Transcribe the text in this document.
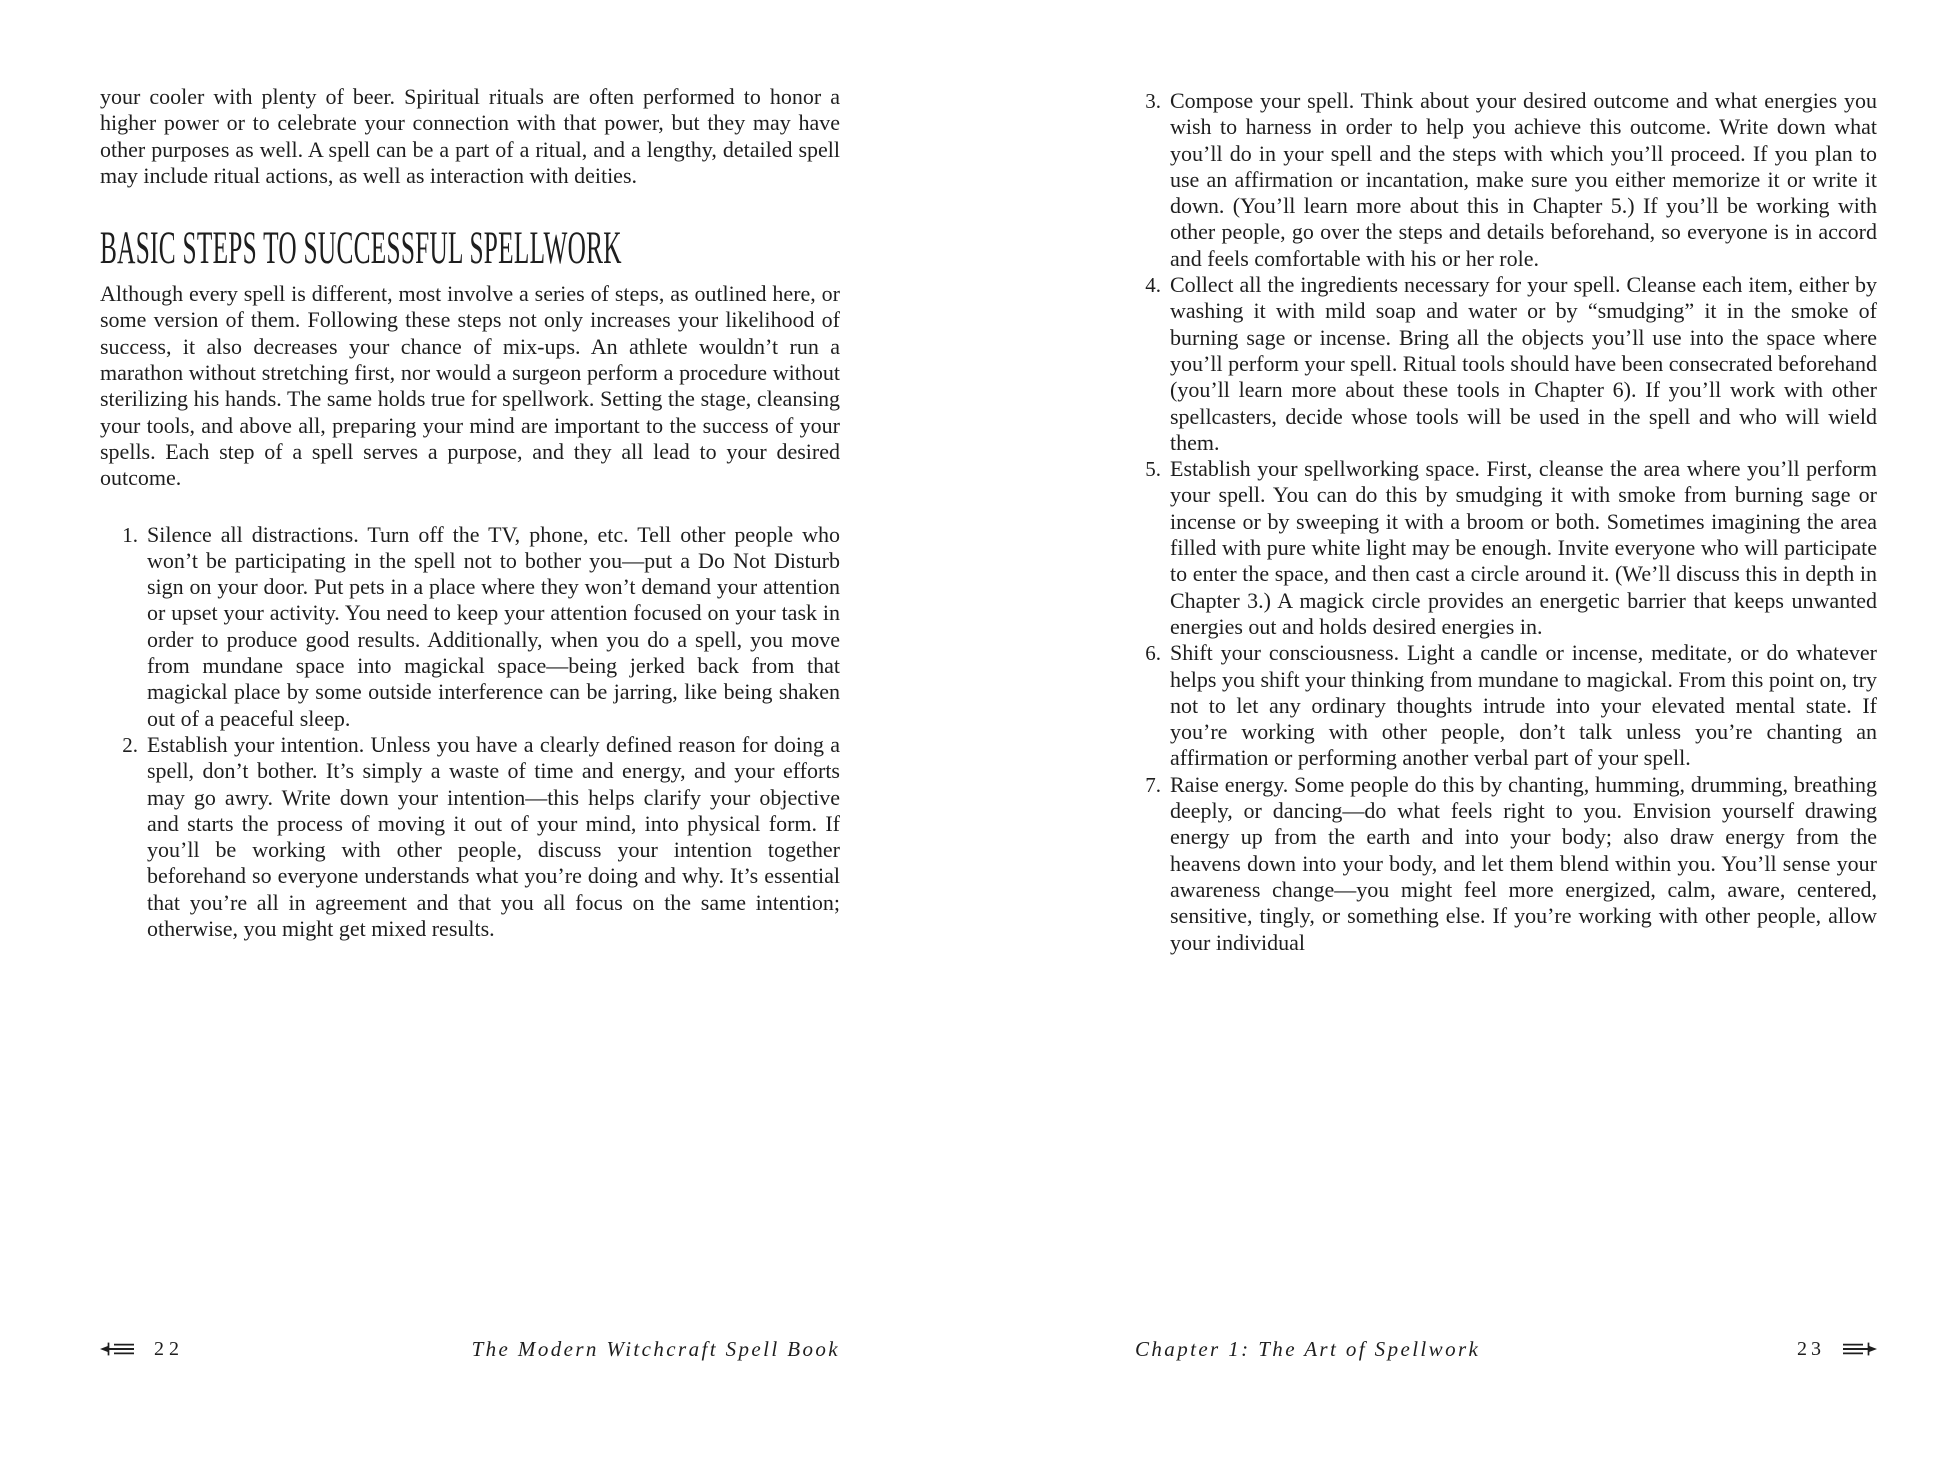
your cooler with plenty of beer. Spiritual rituals are often performed to honor a higher power or to celebrate your connection with that power, but they may have other purposes as well. A spell can be a part of a ritual, and a lengthy, detailed spell may include ritual actions, as well as interaction with deities.

BASIC STEPS TO SUCCESSFUL SPELLWORK

Although every spell is different, most involve a series of steps, as outlined here, or some version of them. Following these steps not only increases your likelihood of success, it also decreases your chance of mix-ups. An athlete wouldn’t run a marathon without stretching first, nor would a surgeon perform a procedure without sterilizing his hands. The same holds true for spellwork. Setting the stage, cleansing your tools, and above all, preparing your mind are important to the success of your spells. Each step of a spell serves a purpose, and they all lead to your desired outcome.

1. Silence all distractions. Turn off the TV, phone, etc. Tell other people who won’t be participating in the spell not to bother you—put a Do Not Disturb sign on your door. Put pets in a place where they won’t demand your attention or upset your activity. You need to keep your attention focused on your task in order to produce good results. Additionally, when you do a spell, you move from mundane space into magickal space—being jerked back from that magickal place by some outside interference can be jarring, like being shaken out of a peaceful sleep.
2. Establish your intention. Unless you have a clearly defined reason for doing a spell, don’t bother. It’s simply a waste of time and energy, and your efforts may go awry. Write down your intention—this helps clarify your objective and starts the process of moving it out of your mind, into physical form. If you’ll be working with other people, discuss your intention together beforehand so everyone understands what you’re doing and why. It’s essential that you’re all in agreement and that you all focus on the same intention; otherwise, you might get mixed results.
3. Compose your spell. Think about your desired outcome and what energies you wish to harness in order to help you achieve this outcome. Write down what you’ll do in your spell and the steps with which you’ll proceed. If you plan to use an affirmation or incantation, make sure you either memorize it or write it down. (You’ll learn more about this in Chapter 5.) If you’ll be working with other people, go over the steps and details beforehand, so everyone is in accord and feels comfortable with his or her role.
4. Collect all the ingredients necessary for your spell. Cleanse each item, either by washing it with mild soap and water or by “smudging” it in the smoke of burning sage or incense. Bring all the objects you’ll use into the space where you’ll perform your spell. Ritual tools should have been consecrated beforehand (you’ll learn more about these tools in Chapter 6). If you’ll work with other spellcasters, decide whose tools will be used in the spell and who will wield them.
5. Establish your spellworking space. First, cleanse the area where you’ll perform your spell. You can do this by smudging it with smoke from burning sage or incense or by sweeping it with a broom or both. Sometimes imagining the area filled with pure white light may be enough. Invite everyone who will participate to enter the space, and then cast a circle around it. (We’ll discuss this in depth in Chapter 3.) A magick circle provides an energetic barrier that keeps unwanted energies out and holds desired energies in.
6. Shift your consciousness. Light a candle or incense, meditate, or do whatever helps you shift your thinking from mundane to magickal. From this point on, try not to let any ordinary thoughts intrude into your elevated mental state. If you’re working with other people, don’t talk unless you’re chanting an affirmation or performing another verbal part of your spell.
7. Raise energy. Some people do this by chanting, humming, drumming, breathing deeply, or dancing—do what feels right to you. Envision yourself drawing energy up from the earth and into your body; also draw energy from the heavens down into your body, and let them blend within you. You’ll sense your awareness change—you might feel more energized, calm, aware, centered, sensitive, tingly, or something else. If you’re working with other people, allow your individual
22	The Modern Witchcraft Spell Book	Chapter 1: The Art of Spellwork	23
